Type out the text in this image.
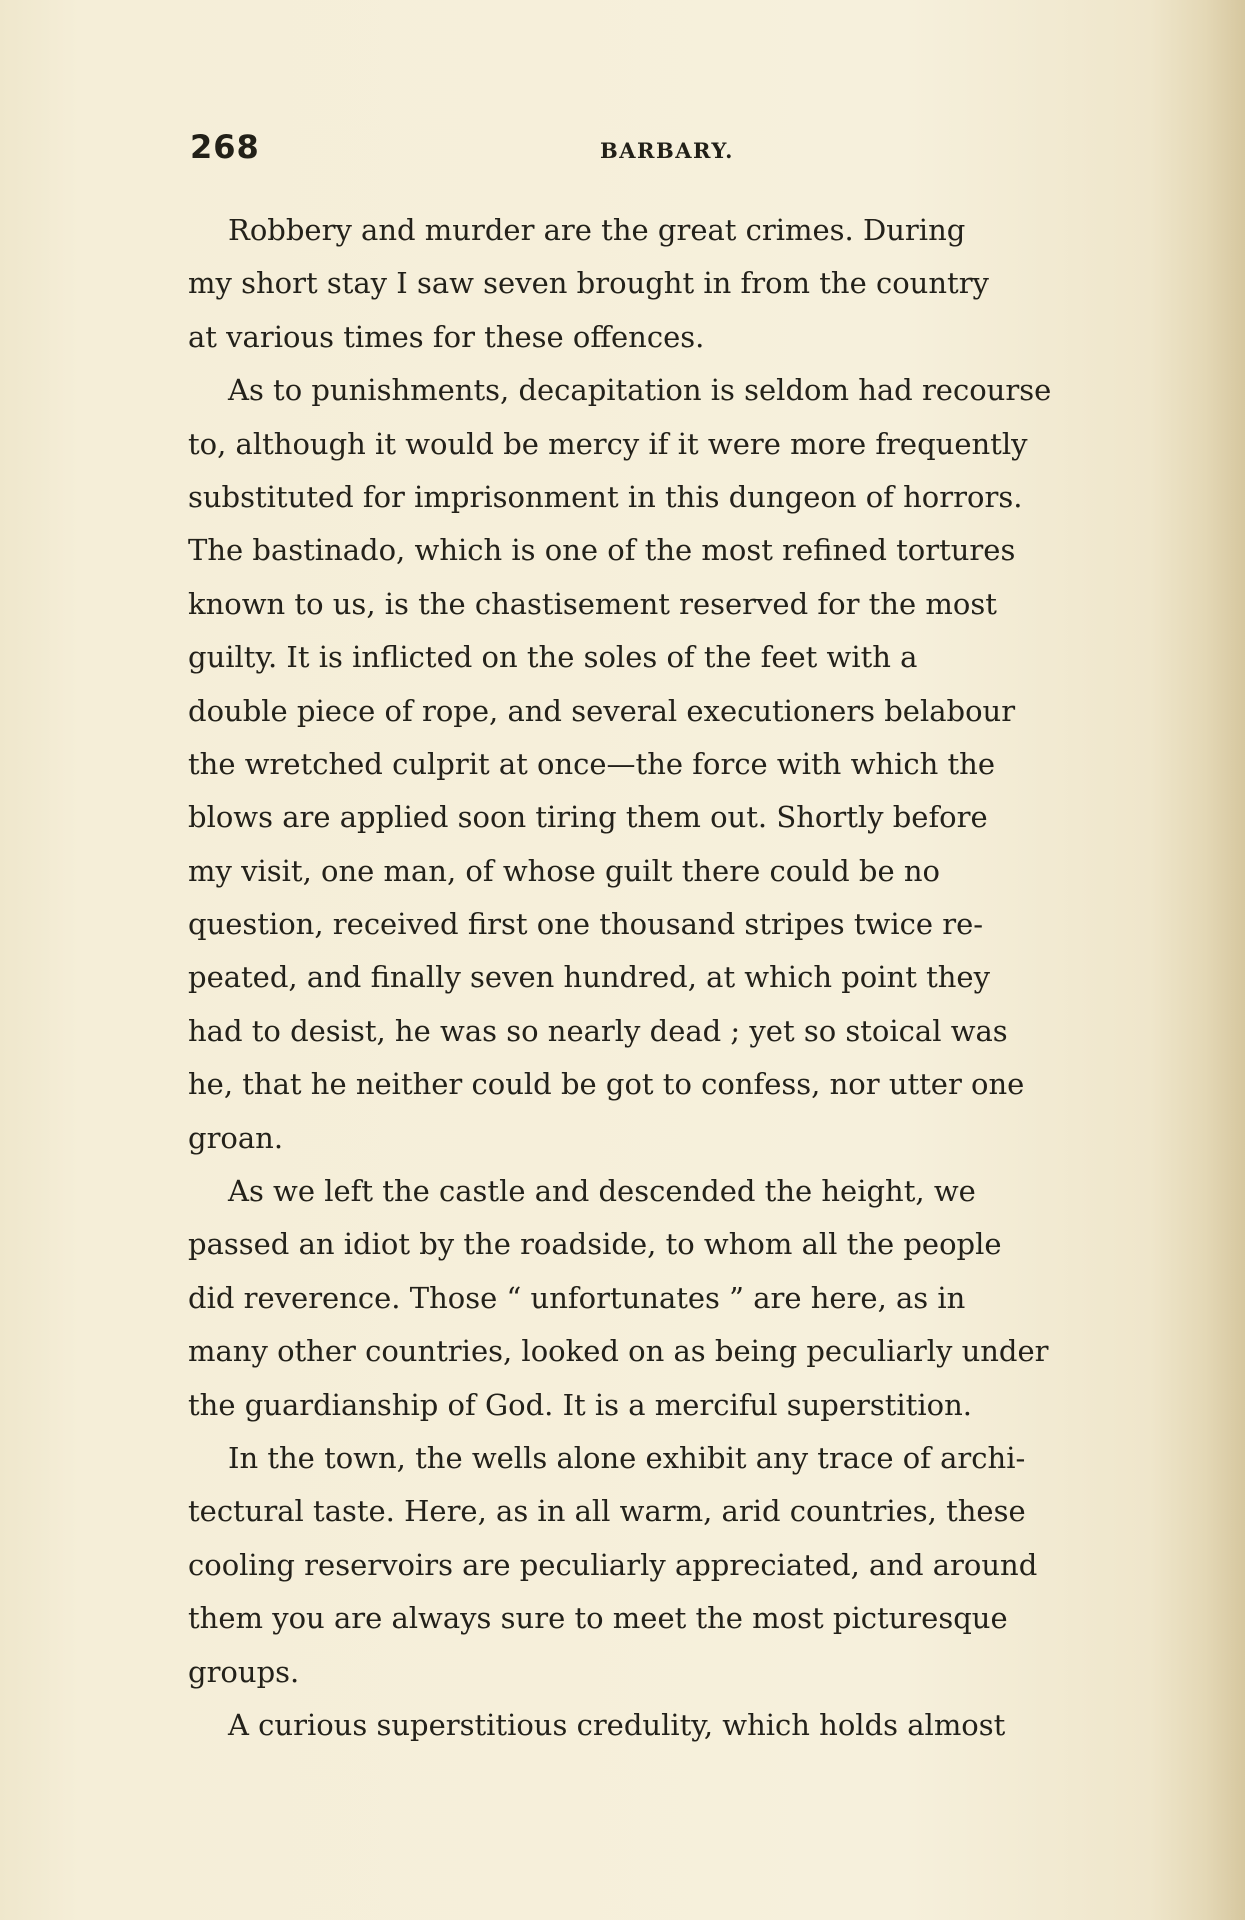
268	BARBARY.
Robbery and murder are the great crimes. During
my short stay I saw seven brought in from the country
at various times for these offences.
As to punishments, decapitation is seldom had recourse
to, although it would be mercy if it were more frequently
substituted for imprisonment in this dungeon of horrors.
The bastinado, which is one of the most refined tortures
known to us, is the chastisement reserved for the most
guilty. It is inflicted on the soles of the feet with a
double piece of rope, and several executioners belabour
the wretched culprit at once—the force with which the
blows are applied soon tiring them out. Shortly before
my visit, one man, of whose guilt there could be no
question, received first one thousand stripes twice re-
peated, and finally seven hundred, at which point they
had to desist, he was so nearly dead ; yet so stoical was
he, that he neither could be got to confess, nor utter one
groan.
As we left the castle and descended the height, we
passed an idiot by the roadside, to whom all the people
did reverence. Those “ unfortunates ” are here, as in
many other countries, looked on as being peculiarly under
the guardianship of God. It is a merciful superstition.
In the town, the wells alone exhibit any trace of archi-
tectural taste. Here, as in all warm, arid countries, these
cooling reservoirs are peculiarly appreciated, and around
them you are always sure to meet the most picturesque
groups.
A curious superstitious credulity, which holds almost
